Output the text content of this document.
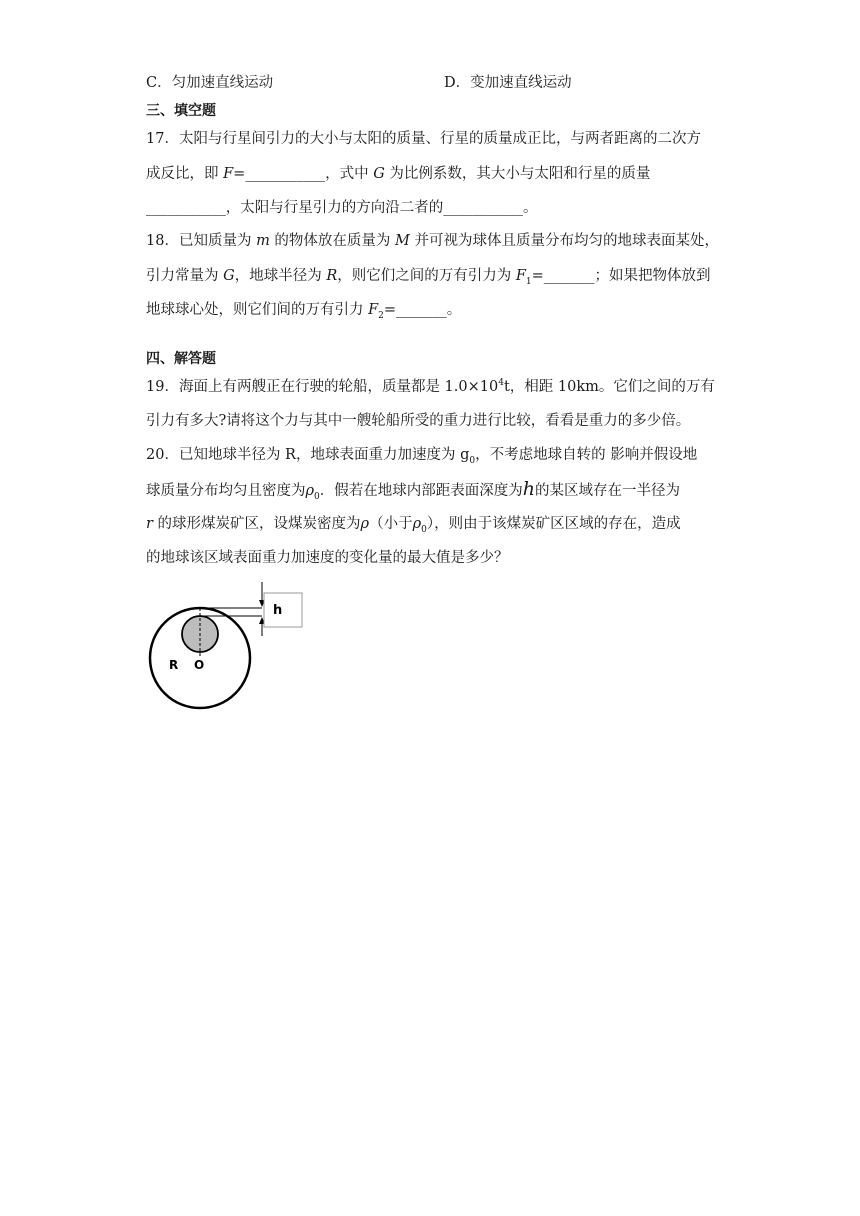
C．匀加速直线运动	D．变加速直线运动
三、填空题
17．太阳与行星间引力的大小与太阳的质量、行星的质量成正比，与两者距离的二次方
成反比，即 F=___________，式中 G 为比例系数，其大小与太阳和行星的质量
___________，太阳与行星引力的方向沿二者的___________。
18．已知质量为 m 的物体放在质量为 M 并可视为球体且质量分布均匀的地球表面某处，
引力常量为 G，地球半径为 R，则它们之间的万有引力为 $F_1=\_\_\_\_\_\_\_$；如果把物体放到
地球球心处，则它们间的万有引力 $F_2=\_\_\_\_\_\_\_$。
四、解答题
19．海面上有两艘正在行驶的轮船，质量都是 $1.0\times 10^4t$，相距 10km。它们之间的万有
引力有多大?请将这个力与其中一艘轮船所受的重力进行比较，看看是重力的多少倍。
20．已知地球半径为 R，地球表面重力加速度为 $g_0$，不考虑地球自转的 影响并假设地
球质量分布均匀且密度为$\rho_0$．假若在地球内部距表面深度为h的某区域存在一半径为
r 的球形煤炭矿区，设煤炭密度为ρ（小于$\rho_0$），则由于该煤炭矿区区域的存在，造成
的地球该区域表面重力加速度的变化量的最大值是多少？
h
R O
